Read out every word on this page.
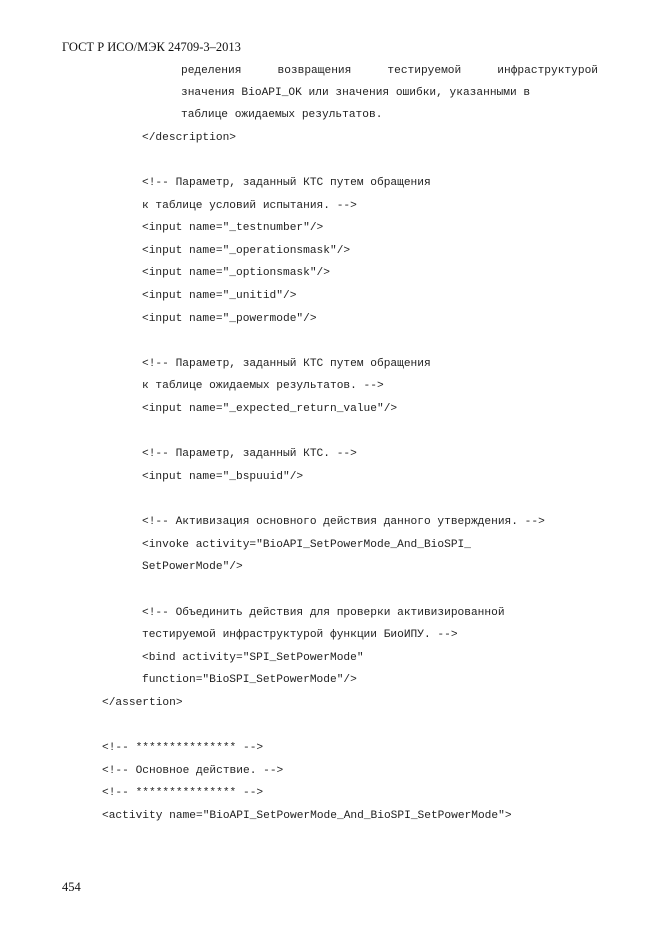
ГОСТ Р ИСО/МЭК 24709-3–2013
ределения возвращения тестируемой инфраструктурой
значения BioAPI_OK или значения ошибки, указанными в
таблице ожидаемых результатов.
</description>
<!-- Параметр, заданный КТС путем обращения
к таблице условий испытания. -->
<input name="_testnumber"/>
<input name="_operationsmask"/>
<input name="_optionsmask"/>
<input name="_unitid"/>
<input name="_powermode"/>
<!-- Параметр, заданный КТС путем обращения
к таблице ожидаемых результатов. -->
<input name="_expected_return_value"/>
<!-- Параметр, заданный КТС. -->
<input name="_bspuuid"/>
<!-- Активизация основного действия данного утверждения. -->
<invoke activity="BioAPI_SetPowerMode_And_BioSPI_
SetPowerMode"/>
<!-- Объединить действия для проверки активизированной
тестируемой инфраструктурой функции БиоИПУ. -->
<bind activity="SPI_SetPowerMode"
function="BioSPI_SetPowerMode"/>
</assertion>
<!-- *************** -->
<!-- Основное действие. -->
<!-- *************** -->
<activity name="BioAPI_SetPowerMode_And_BioSPI_SetPowerMode">
454
